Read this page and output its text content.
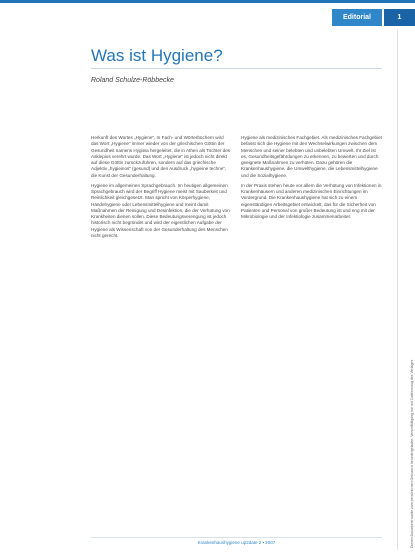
Editorial	1
Dieses Dokument wurde zum persönlichen Gebrauch heruntergeladen. Vervielfältigung nur mit Zustimmung des Verlages.
Was ist Hygiene?
Roland Schulze-Röbbecke

Herkunft des Wortes „Hygiene“. In Fach- und Wörterbüchern wird das Wort „Hygiene“ immer wieder von der griechischen Göttin der Gesundheit namens Hygieia hergeleitet, die in Athen als Tochter des Asklepios verehrt wurde. Das Wort „Hygiene“ ist jedoch nicht direkt auf diese Göttin zurückzuführen, sondern auf das griechische Adjektiv „hygieinos“ (gesund) und den Ausdruck „hygieine techne“, die Kunst der Gesunderhaltung.

Hygiene im allgemeinen Sprachgebrauch. Im heutigen allgemeinen Sprachgebrauch wird der Begriff Hygiene meist mit Sauberkeit und Reinlichkeit gleichgesetzt. Man spricht von Körperhygiene, Händehygiene oder Lebensmittelhygiene und meint damit Maßnahmen der Reinigung und Desinfektion, die der Verhütung von Krankheiten dienen sollen. Diese Bedeutungsverengung ist jedoch historisch nicht begründet und wird der eigentlichen Aufgabe der Hygiene als Wissenschaft von der Gesunderhaltung des Menschen nicht gerecht.

Hygiene als medizinisches Fachgebiet. Als medizinisches Fachgebiet befasst sich die Hygiene mit den Wechselwirkungen zwischen dem Menschen und seiner belebten und unbelebten Umwelt. Ihr Ziel ist es, Gesundheitsgefährdungen zu erkennen, zu bewerten und durch geeignete Maßnahmen zu verhüten. Dazu gehören die Krankenhaushygiene, die Umwelthygiene, die Lebensmittelhygiene und die Sozialhygiene.

In der Praxis stehen heute vor allem die Verhütung von Infektionen in Krankenhäusern und anderen medizinischen Einrichtungen im Vordergrund. Die Krankenhaushygiene hat sich zu einem eigenständigen Arbeitsgebiet entwickelt, das für die Sicherheit von Patienten und Personal von großer Bedeutung ist und eng mit der Mikrobiologie und der Infektiologie zusammenarbeitet.

Krankenhaushygiene up2date 2 ▪ 2007
